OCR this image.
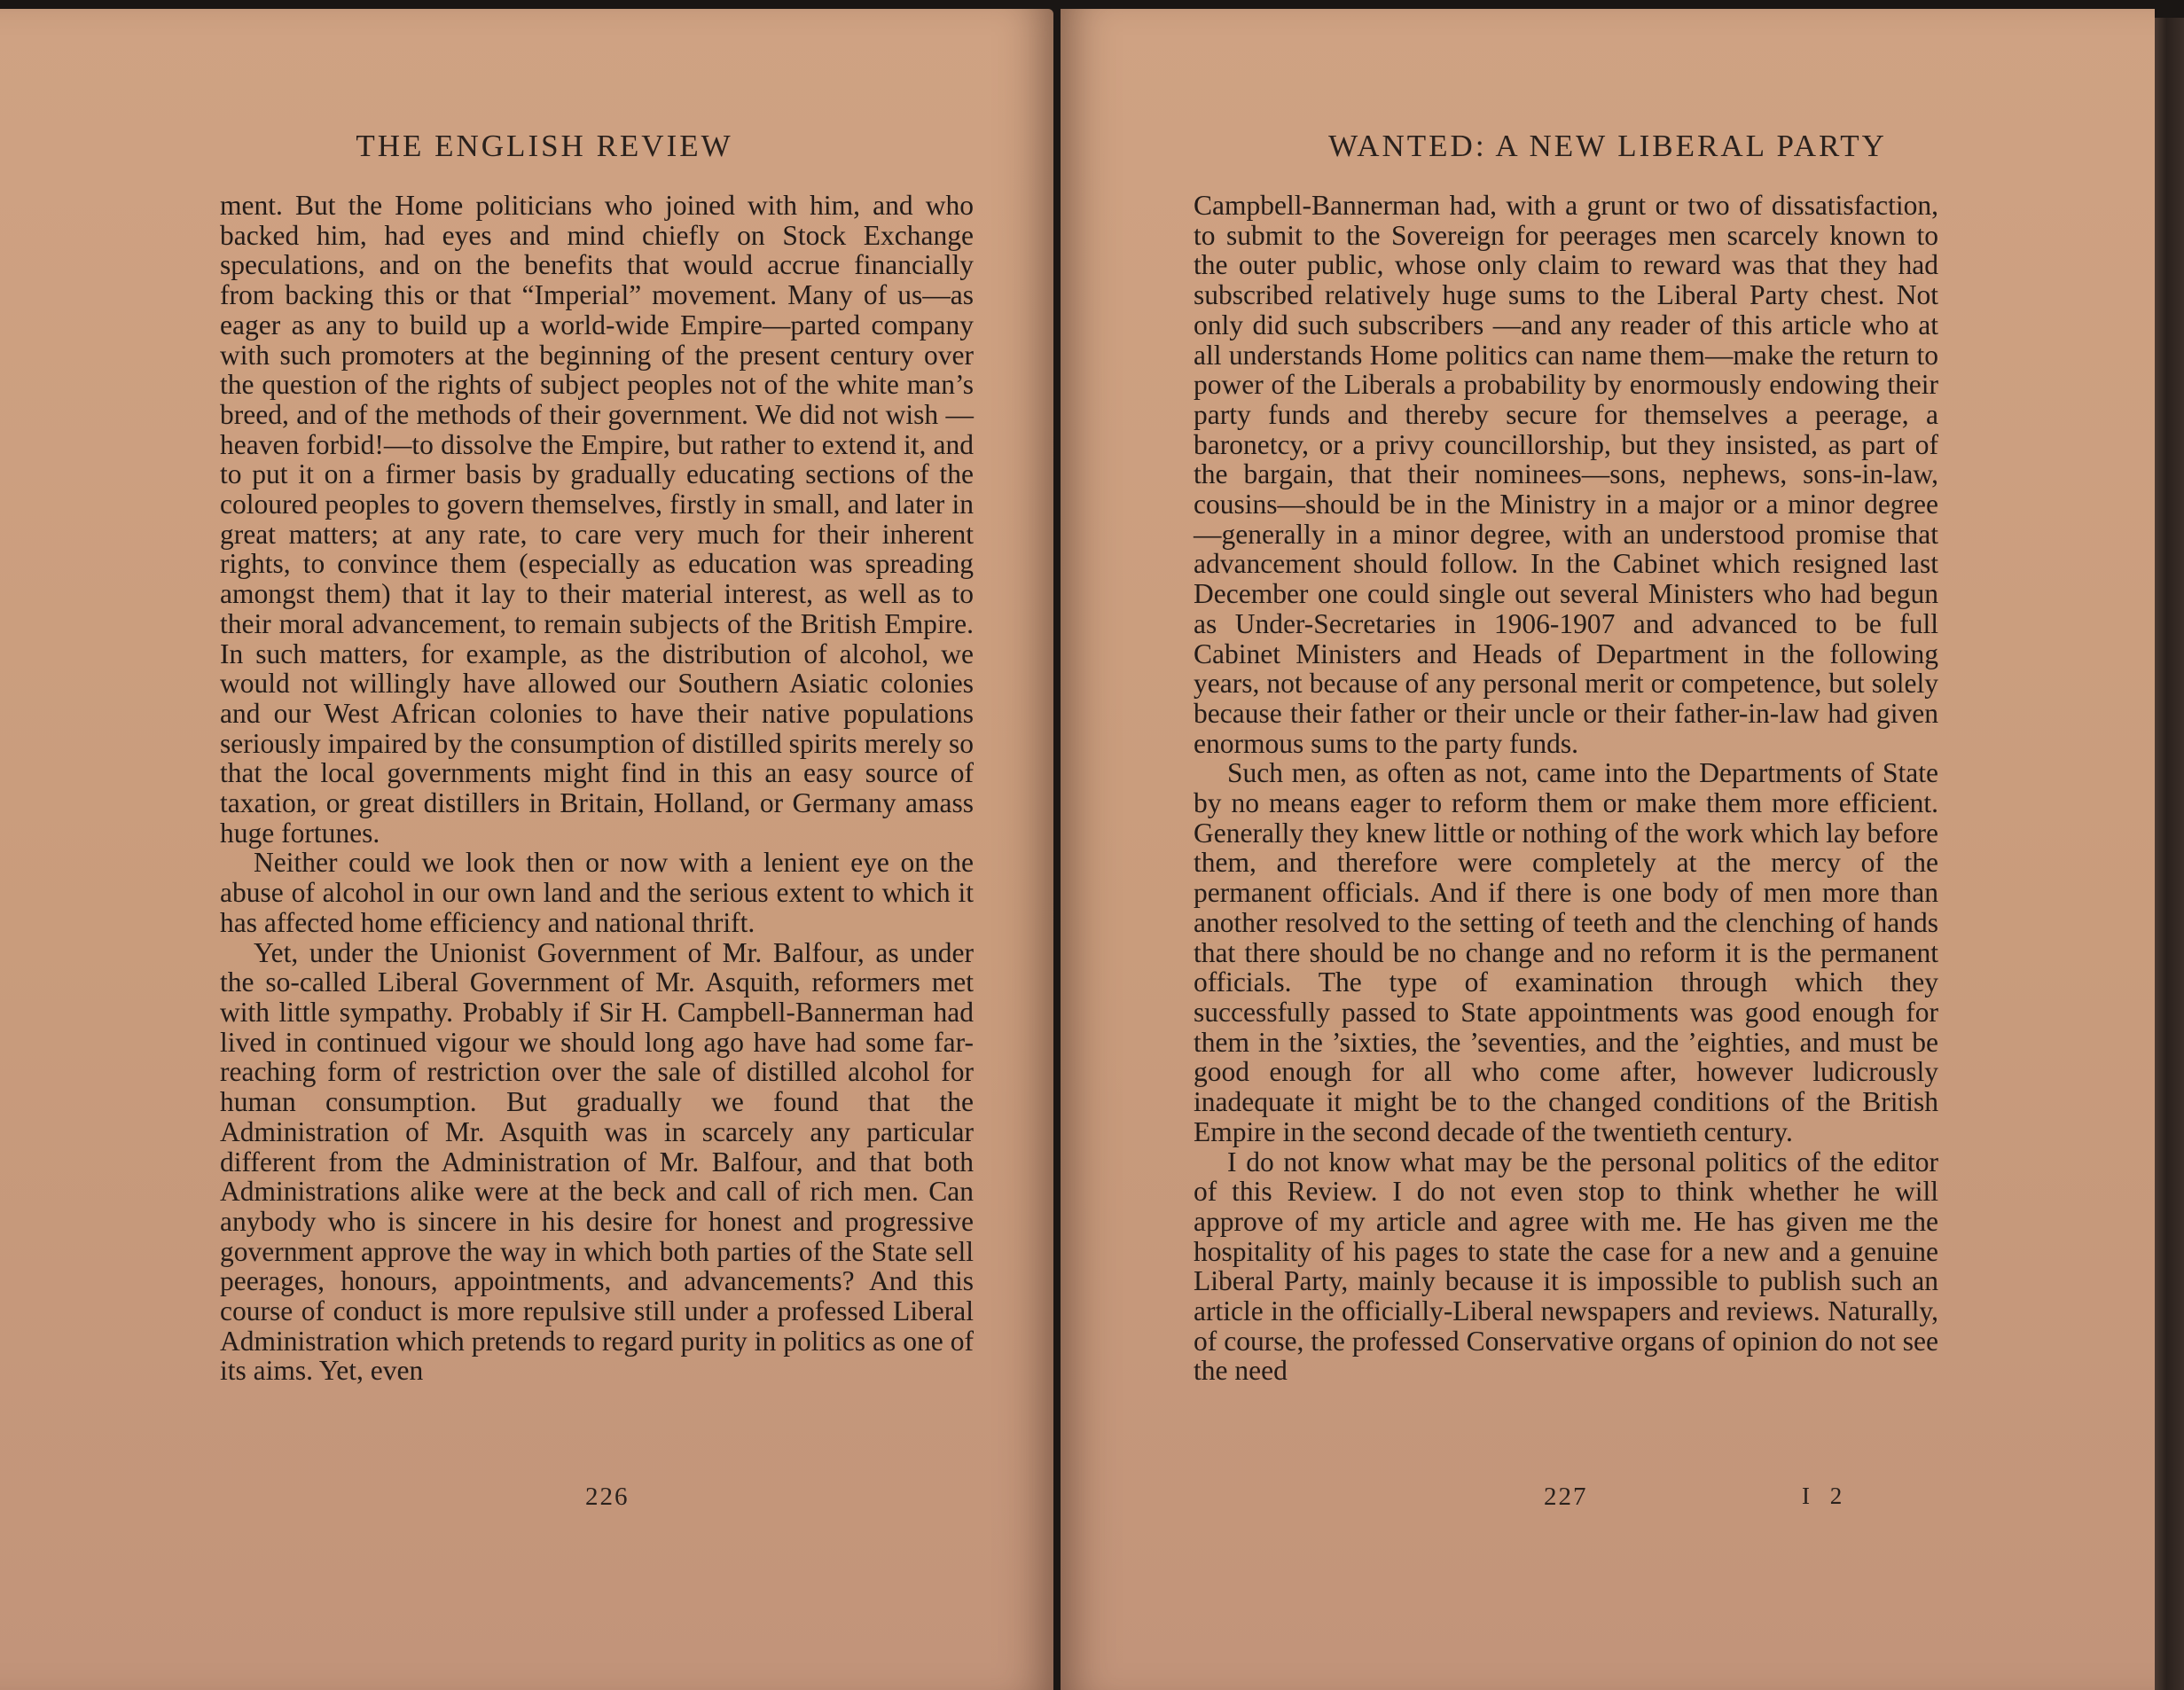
THE ENGLISH REVIEW

ment. But the Home politicians who joined with him, and who backed him, had eyes and mind chiefly on Stock Exchange speculations, and on the benefits that would accrue financially from backing this or that “Imperial” movement. Many of us—as eager as any to build up a world-wide Empire—parted company with such promoters at the beginning of the present century over the question of the rights of subject peoples not of the white man’s breed, and of the methods of their government. We did not wish —heaven forbid!—to dissolve the Empire, but rather to extend it, and to put it on a firmer basis by gradually educating sections of the coloured peoples to govern themselves, firstly in small, and later in great matters; at any rate, to care very much for their inherent rights, to convince them (especially as education was spreading amongst them) that it lay to their material interest, as well as to their moral advancement, to remain subjects of the British Empire. In such matters, for example, as the distribution of alcohol, we would not willingly have allowed our Southern Asiatic colonies and our West African colonies to have their native populations seriously impaired by the consumption of distilled spirits merely so that the local governments might find in this an easy source of taxation, or great distillers in Britain, Holland, or Germany amass huge fortunes.

Neither could we look then or now with a lenient eye on the abuse of alcohol in our own land and the serious extent to which it has affected home efficiency and national thrift.

Yet, under the Unionist Government of Mr. Balfour, as under the so-called Liberal Government of Mr. Asquith, reformers met with little sympathy. Probably if Sir H. Campbell-Bannerman had lived in continued vigour we should long ago have had some far-reaching form of restriction over the sale of distilled alcohol for human consumption. But gradually we found that the Administration of Mr. Asquith was in scarcely any particular different from the Administration of Mr. Balfour, and that both Administrations alike were at the beck and call of rich men. Can anybody who is sincere in his desire for honest and progressive government approve the way in which both parties of the State sell peerages, honours, appointments, and advancements? And this course of conduct is more repulsive still under a professed Liberal Administration which pretends to regard purity in politics as one of its aims. Yet, even

226
WANTED: A NEW LIBERAL PARTY

Campbell-Bannerman had, with a grunt or two of dissatisfaction, to submit to the Sovereign for peerages men scarcely known to the outer public, whose only claim to reward was that they had subscribed relatively huge sums to the Liberal Party chest. Not only did such subscribers —and any reader of this article who at all understands Home politics can name them—make the return to power of the Liberals a probability by enormously endowing their party funds and thereby secure for themselves a peerage, a baronetcy, or a privy councillorship, but they insisted, as part of the bargain, that their nominees—sons, nephews, sons-in-law, cousins—should be in the Ministry in a major or a minor degree—generally in a minor degree, with an understood promise that advancement should follow. In the Cabinet which resigned last December one could single out several Ministers who had begun as Under-Secretaries in 1906-1907 and advanced to be full Cabinet Ministers and Heads of Department in the following years, not because of any personal merit or competence, but solely because their father or their uncle or their father-in-law had given enormous sums to the party funds.

Such men, as often as not, came into the Departments of State by no means eager to reform them or make them more efficient. Generally they knew little or nothing of the work which lay before them, and therefore were completely at the mercy of the permanent officials. And if there is one body of men more than another resolved to the setting of teeth and the clenching of hands that there should be no change and no reform it is the permanent officials. The type of examination through which they successfully passed to State appointments was good enough for them in the ’sixties, the ’seventies, and the ’eighties, and must be good enough for all who come after, however ludicrously inadequate it might be to the changed conditions of the British Empire in the second decade of the twentieth century.

I do not know what may be the personal politics of the editor of this Review. I do not even stop to think whether he will approve of my article and agree with me. He has given me the hospitality of his pages to state the case for a new and a genuine Liberal Party, mainly because it is impossible to publish such an article in the officially-Liberal newspapers and reviews. Naturally, of course, the professed Conservative organs of opinion do not see the need

227	I 2
